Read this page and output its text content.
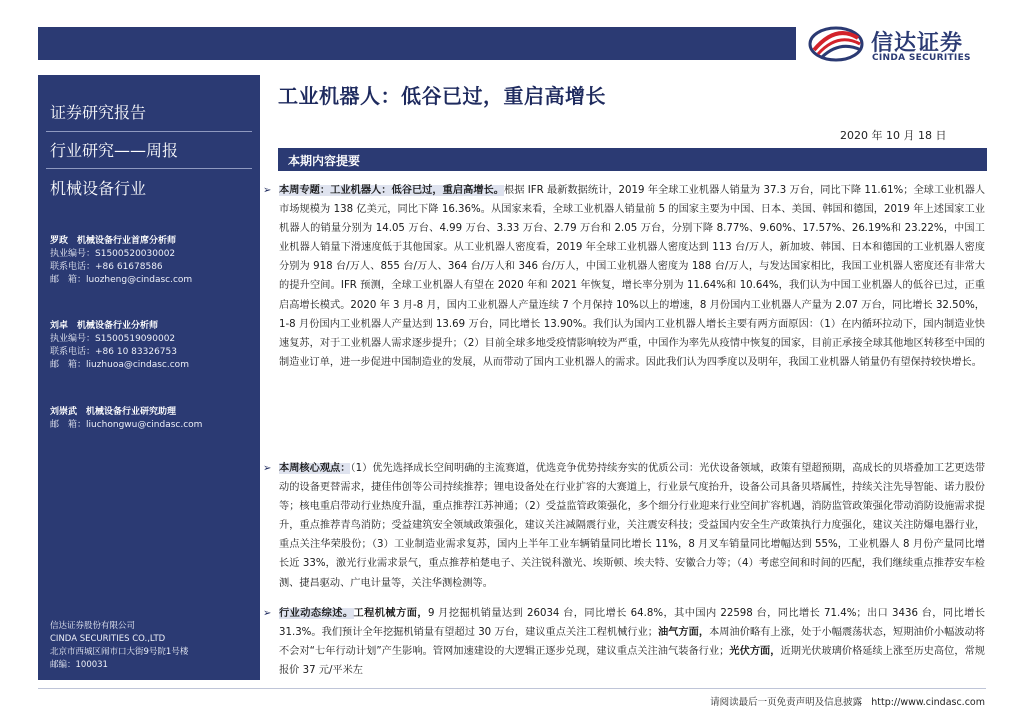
信达证券
CINDA SECURITIES
证券研究报告
行业研究——周报
机械设备行业
罗政　机械设备行业首席分析师
执业编号：S1500520030002
联系电话：+86 61678586
邮　箱：luozheng@cindasc.com
刘卓　机械设备行业分析师
执业编号：S1500519090002
联系电话：+86 10 83326753
邮　箱：liuzhuoa@cindasc.com
刘崇武　机械设备行业研究助理
邮　箱：liuchongwu@cindasc.com
信达证券股份有限公司
CINDA SECURITIES CO.,LTD
北京市西城区闹市口大街9号院1号楼
邮编：100031
工业机器人：低谷已过，重启高增长
2020 年 10 月 18 日
本期内容提要
➢ 本周专题：工业机器人：低谷已过，重启高增长。根据 IFR 最新数据统计，2019 年全球工业机器人销量为 37.3 万台，同比下降 11.61%；全球工业机器人市场规模为 138 亿美元，同比下降 16.36%。从国家来看，全球工业机器人销量前 5 的国家主要为中国、日本、美国、韩国和德国，2019 年上述国家工业机器人的销量分别为 14.05 万台、4.99 万台、3.33 万台、2.79 万台和 2.05 万台，分别下降 8.77%、9.60%、17.57%、26.19%和 23.22%，中国工业机器人销量下滑速度低于其他国家。从工业机器人密度看，2019 年全球工业机器人密度达到 113 台/万人，新加坡、韩国、日本和德国的工业机器人密度分别为 918 台/万人、855 台/万人、364 台/万人和 346 台/万人，中国工业机器人密度为 188 台/万人，与发达国家相比，我国工业机器人密度还有非常大的提升空间。IFR 预测，全球工业机器人有望在 2020 年和 2021 年恢复，增长率分别为 11.64%和 10.64%，我们认为中国工业机器人的低谷已过，正重启高增长模式。2020 年 3 月-8 月，国内工业机器人产量连续 7 个月保持 10%以上的增速，8 月份国内工业机器人产量为 2.07 万台，同比增长 32.50%，1-8 月份国内工业机器人产量达到 13.69 万台，同比增长 13.90%。我们认为国内工业机器人增长主要有两方面原因：（1）在内循环拉动下，国内制造业快速复苏，对于工业机器人需求逐步提升；（2）目前全球多地受疫情影响较为严重，中国作为率先从疫情中恢复的国家，目前正承接全球其他地区转移至中国的制造业订单，进一步促进中国制造业的发展，从而带动了国内工业机器人的需求。因此我们认为四季度以及明年，我国工业机器人销量仍有望保持较快增长。
➢ 本周核心观点：（1）优先选择成长空间明确的主流赛道，优选竞争优势持续夯实的优质公司：光伏设备领域，政策有望超预期，高成长的贝塔叠加工艺更迭带动的设备更替需求，捷佳伟创等公司持续推荐；锂电设备处在行业扩容的大赛道上，行业景气度抬升，设备公司具备贝塔属性，持续关注先导智能、诺力股份等；核电重启带动行业热度升温，重点推荐江苏神通；（2）受益监管政策强化，多个细分行业迎来行业空间扩容机遇，消防监管政策强化带动消防设施需求提升，重点推荐青鸟消防；受益建筑安全领域政策强化，建议关注减隔震行业，关注震安科技；受益国内安全生产政策执行力度强化，建议关注防爆电器行业，重点关注华荣股份；（3）工业制造业需求复苏，国内上半年工业车辆销量同比增长 11%，8 月叉车销量同比增幅达到 55%，工业机器人 8 月份产量同比增长近 33%，激光行业需求景气，重点推荐柏楚电子、关注锐科激光、埃斯顿、埃夫特、安徽合力等；（4）考虑空间和时间的匹配，我们继续重点推荐安车检测、捷昌驱动、广电计量等，关注华测检测等。
➢ 行业动态综述。工程机械方面，9 月挖掘机销量达到 26034 台，同比增长 64.8%，其中国内 22598 台，同比增长 71.4%；出口 3436 台，同比增长 31.3%。我们预计全年挖掘机销量有望超过 30 万台，建议重点关注工程机械行业；油气方面，本周油价略有上涨，处于小幅震荡状态，短期油价小幅波动将不会对“七年行动计划”产生影响。管网加速建设的大逻辑正逐步兑现，建议重点关注油气装备行业；光伏方面，近期光伏玻璃价格延续上涨至历史高位，常规报价 37 元/平米左
请阅读最后一页免责声明及信息披露 http://www.cindasc.com
